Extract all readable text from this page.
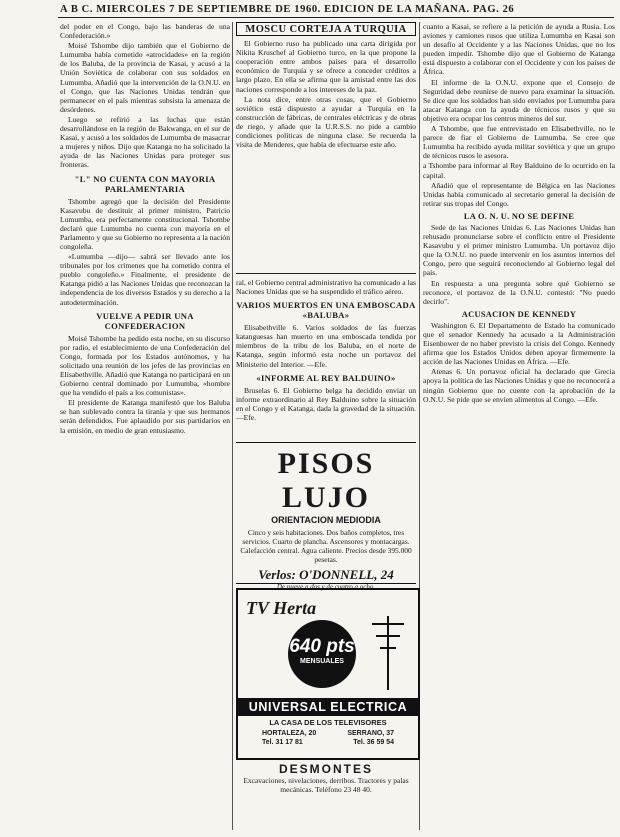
A B C. MIERCOLES 7 DE SEPTIEMBRE DE 1960. EDICION DE LA MAÑANA. PAG. 26

del poder en el Congo, bajo las banderas de una Confederación.»

Moisé Tshombe dijo también que el Gobierno de Lumumba había cometido «atrocidades» en la región de los Baluba, de la provincia de Kasai, y acusó a la Unión Soviética de colaborar con sus soldados en Lumumba. Añadió que la intervención de la O.N.U. en el Congo, que las Naciones Unidas tendrán que permanecer en el país mientras subsista la amenaza de desórdenes.

Luego se refirió a las luchas que están desarrollándose en la región de Bakwanga, en el sur de Kasai, y acusó a los soldados de Lumumba de masacrar a mujeres y niños. Dijo que Katanga no ha solicitado la ayuda de las Naciones Unidas para proteger sus fronteras.

"L" NO CUENTA CON MAYORIA PARLAMENTARIA

Tshombe agregó que la decisión del Presidente Kasavubu de destituir al primer ministro, Patricio Lumumba, era perfectamente constitucional. Tshombe declaró que Lumumba no cuenta con mayoría en el Parlamento y que su Gobierno no representa a la nación congoleña.

«Lumumba —dijo— sabrá ser llevado ante los tribunales por los crímenes que ha cometido contra el pueblo congoleño.» Finalmente, el presidente de Katanga pidió a las Naciones Unidas que reconozcan la independencia de los diversos Estados y su derecho a la autodeterminación.

VUELVE A PEDIR UNA CONFEDERACION

Moisé Tshombe ha pedido esta noche, en su discurso por radio, el establecimiento de una Confederación del Congo, formada por los Estados autónomos, y ha solicitado una reunión de los jefes de las provincias en Elisabethville. Añadió que Katanga no participará en un Gobierno central dominado por Lumumba, «hombre que ha vendido el país a los comunistas».

El presidente de Katanga manifestó que los Baluba se han sublevado contra la tiranía y que sus hermanos serán defendidos. Fue aplaudido por sus partidarios en la emisión, en medio de gran entusiasmo.

MOSCU CORTEJA A TURQUIA

El Gobierno ruso ha publicado una carta dirigida por Nikita Kruschef al Gobierno turco, en la que propone la cooperación entre ambos países para el desarrollo económico de Turquía y se ofrece a conceder créditos a largo plazo. En ella se afirma que la amistad entre las dos naciones corresponde a los intereses de la paz.

La nota dice, entre otras cosas, que el Gobierno soviético está dispuesto a ayudar a Turquía en la construcción de fábricas, de centrales eléctricas y de obras de riego, y añade que la U.R.S.S. no pide a cambio condiciones políticas de ninguna clase. Se recuerda la visita de Menderes, que había de efectuarse este año.

ral, el Gobierno central administrativo ha comunicado a las Naciones Unidas que se ha suspendido el tráfico aéreo.

VARIOS MUERTOS EN UNA EMBOSCADA «BALUBA»

Elisabethville 6. Varios soldados de las fuerzas katanguesas han muerto en una emboscada tendida por miembros de la tribu de los Baluba, en el norte de Katanga, según informó esta noche un portavoz del Ministerio del Interior. —Efe.

«INFORME AL REY BALDUINO»

Bruselas 6. El Gobierno belga ha decidido enviar un informe extraordinario al Rey Balduino sobre la situación en el Congo y el Katanga, dada la gravedad de la situación. —Efe.

PISOS LUJO
ORIENTACION MEDIODIA
Cinco y seis habitaciones. Dos baños completos, tres servicios. Cuarto de plancha. Ascensores y montacargas. Calefacción central. Agua caliente. Precios desde 395.000 pesetas.
Verlos: O'DONNELL, 24
De nueve a dos y de cuatro a ocho.
TV Herta
640 pts
MENSUALES
UNIVERSAL ELECTRICA
LA CASA DE LOS TELEVISORES
HORTALEZA, 20
Tel. 31 17 81
SERRANO, 37
Tel. 36 59 54
DESMONTES
Excavaciones, nivelaciones, derribos. Tractores y palas mecánicas. Teléfono 23 48 40.

cuanto a Kasai, se refiere a la petición de ayuda a Rusia. Los aviones y camiones rusos que utiliza Lumumba en Kasai son un desafío al Occidente y a las Naciones Unidas, que no los pueden impedir. Tshombe dijo que el Gobierno de Katanga está dispuesto a colaborar con el Occidente y con los países de África.

El informe de la O.N.U. expone que el Consejo de Seguridad debe reunirse de nuevo para examinar la situación. Se dice que los soldados han sido enviados por Lumumba para atacar Katanga con la ayuda de técnicos rusos y que su objetivo era ocupar los centros mineros del sur.

A Tshombe, que fue entrevistado en Elisabethville, no le parece de fiar el Gobierno de Lumumba. Se cree que Lumumba ha recibido ayuda militar soviética y que un grupo de técnicos rusos le asesora.

a Tshombe para informar al Rey Balduino de lo ocurrido en la capital.

Añadió que el representante de Bélgica en las Naciones Unidas había comunicado al secretario general la decisión de retirar sus tropas del Congo.

LA O. N. U. NO SE DEFINE

Sede de las Naciones Unidas 6. Las Naciones Unidas han rehusado pronunciarse sobre el conflicto entre el Presidente Kasavubu y el primer ministro Lumumba. Un portavoz dijo que la O.N.U. no puede intervenir en los asuntos internos del Congo, pero que seguirá reconociendo al Gobierno legal del país.

En respuesta a una pregunta sobre qué Gobierno se reconoce, el portavoz de la O.N.U. contestó: "No puedo decirlo".

ACUSACION DE KENNEDY

Washington 6. El Departamento de Estado ha comunicado que el senador Kennedy ha acusado a la Administración Eisenhower de no haber previsto la crisis del Congo. Kennedy afirma que los Estados Unidos deben apoyar firmemente la acción de las Naciones Unidas en África. —Efe.

Atenas 6. Un portavoz oficial ha declarado que Grecia apoya la política de las Naciones Unidas y que no reconocerá a ningún Gobierno que no cuente con la aprobación de la O.N.U. Se pide que se envíen alimentos al Congo. —Efe.
